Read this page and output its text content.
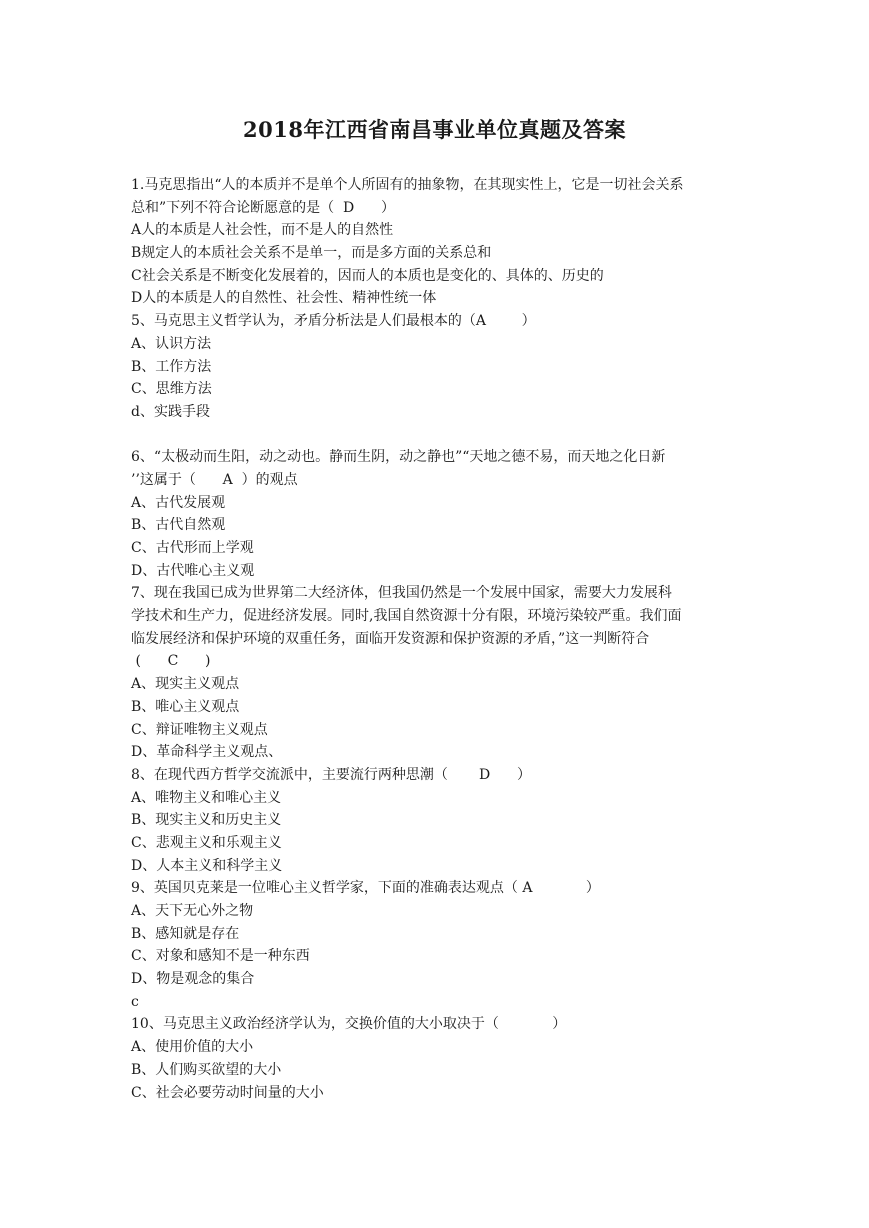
2018年江西省南昌事业单位真题及答案
1.马克思指出“人的本质并不是单个人所固有的抽象物，在其现实性上，它是一切社会关系
总和”下列不符合论断愿意的是（  D      ）
A人的本质是人社会性，而不是人的自然性
B规定人的本质社会关系不是单一，而是多方面的关系总和
C社会关系是不断变化发展着的，因而人的本质也是变化的、具体的、历史的
D人的本质是人的自然性、社会性、精神性统一体
5、马克思主义哲学认为，矛盾分析法是人们最根本的（A        ）
A、认识方法
B、工作方法
C、思维方法
d、实践手段
6、“太极动而生阳，动之动也。静而生阴，动之静也”“天地之德不易，而天地之化日新
’’这属于（      A  ）的观点
A、古代发展观
B、古代自然观
C、古代形而上学观
D、古代唯心主义观
7、现在我国已成为世界第二大经济体，但我国仍然是一个发展中国家，需要大力发展科
学技术和生产力，促进经济发展。同时,我国自然资源十分有限，环境污染较严重。我们面
临发展经济和保护环境的双重任务，面临开发资源和保护资源的矛盾，”这一判断符合
(      C      )
A、现实主义观点
B、唯心主义观点
C、辩证唯物主义观点
D、革命科学主义观点、
8、在现代西方哲学交流派中，主要流行两种思潮（       D      ）
A、唯物主义和唯心主义
B、现实主义和历史主义
C、悲观主义和乐观主义
D、人本主义和科学主义
9、英国贝克莱是一位唯心主义哲学家，下面的准确表达观点（ A            ）
A、天下无心外之物
B、感知就是存在
C、对象和感知不是一种东西
D、物是观念的集合
c
10、马克思主义政治经济学认为，交换价值的大小取决于（            ）
A、使用价值的大小
B、人们购买欲望的大小
C、社会必要劳动时间量的大小
